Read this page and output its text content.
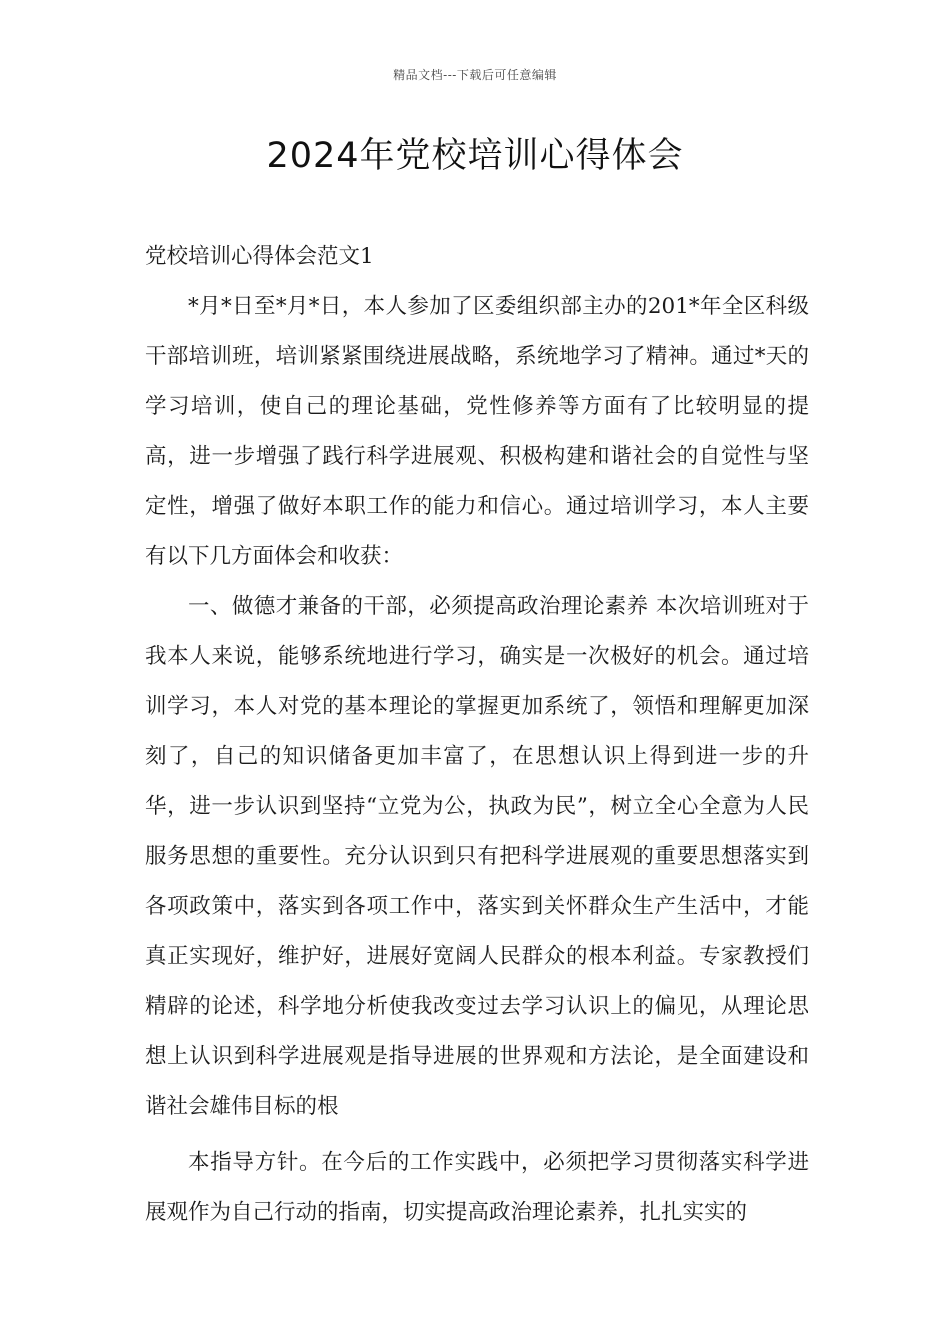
精品文档---下载后可任意编辑
2024年党校培训心得体会

党校培训心得体会范文1

*月*日至*月*日，本人参加了区委组织部主办的201*年全区科级干部培训班，培训紧紧围绕进展战略，系统地学习了精神。通过*天的学习培训，使自己的理论基础，党性修养等方面有了比较明显的提高，进一步增强了践行科学进展观、积极构建和谐社会的自觉性与坚定性，增强了做好本职工作的能力和信心。通过培训学习，本人主要有以下几方面体会和收获：

一、做德才兼备的干部，必须提高政治理论素养 本次培训班对于我本人来说，能够系统地进行学习，确实是一次极好的机会。通过培训学习，本人对党的基本理论的掌握更加系统了，领悟和理解更加深刻了，自己的知识储备更加丰富了，在思想认识上得到进一步的升华，进一步认识到坚持“立党为公，执政为民”，树立全心全意为人民服务思想的重要性。充分认识到只有把科学进展观的重要思想落实到各项政策中，落实到各项工作中，落实到关怀群众生产生活中，才能真正实现好，维护好，进展好宽阔人民群众的根本利益。专家教授们精辟的论述，科学地分析使我改变过去学习认识上的偏见，从理论思想上认识到科学进展观是指导进展的世界观和方法论，是全面建设和谐社会雄伟目标的根

本指导方针。在今后的工作实践中，必须把学习贯彻落实科学进展观作为自己行动的指南，切实提高政治理论素养，扎扎实实的
